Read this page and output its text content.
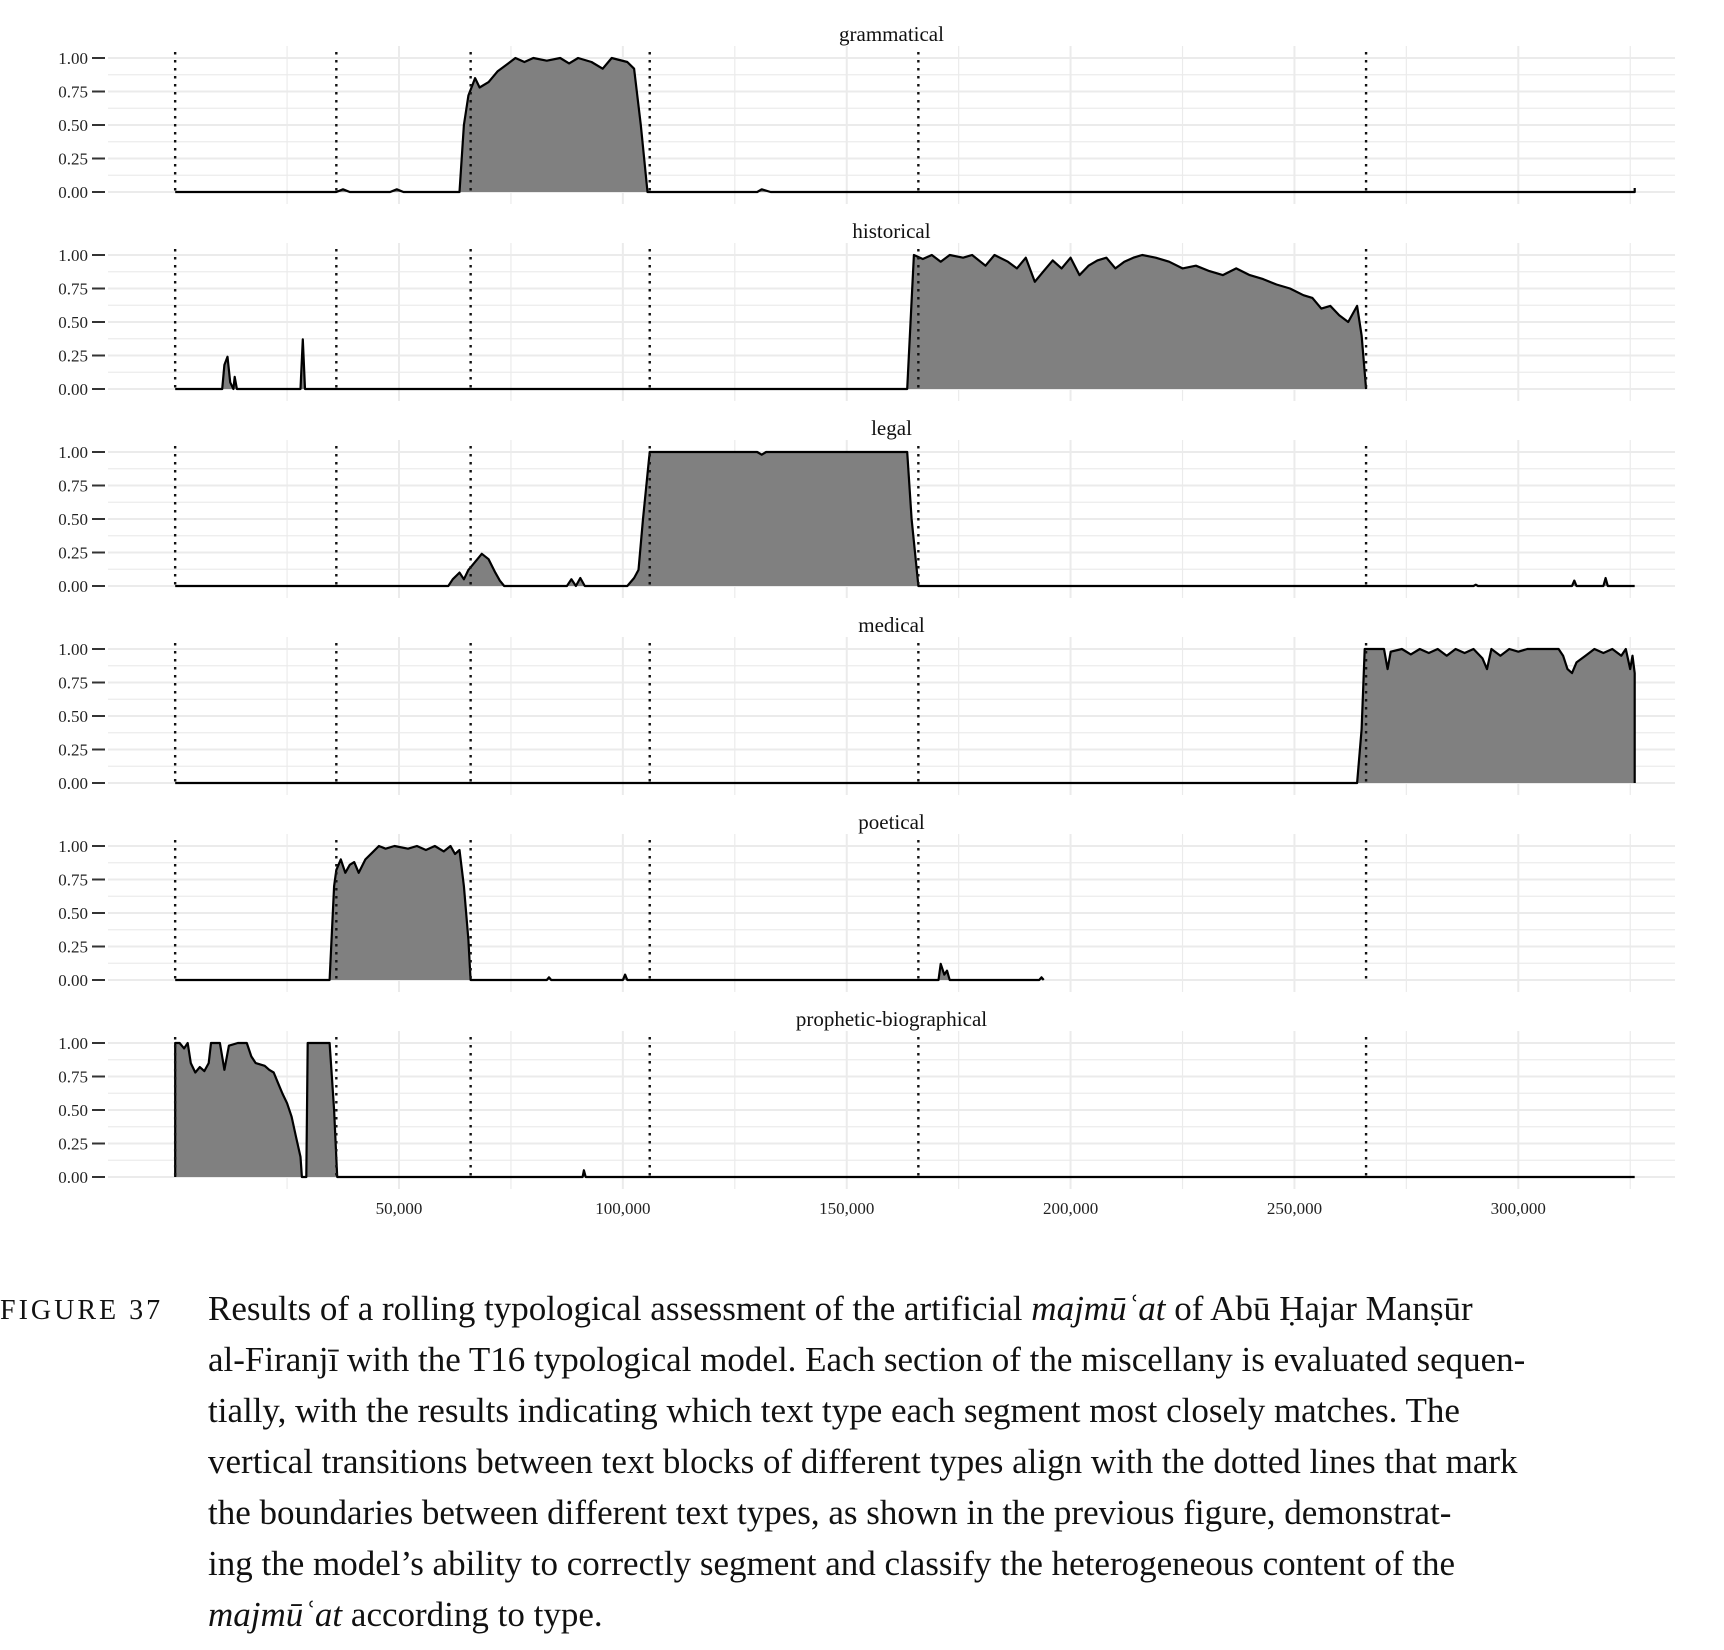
grammatical
0.00
0.25
0.50
0.75
1.00
historical
0.00
0.25
0.50
0.75
1.00
legal
0.00
0.25
0.50
0.75
1.00
medical
0.00
0.25
0.50
0.75
1.00
poetical
0.00
0.25
0.50
0.75
1.00
prophetic-biographical
0.00
0.25
0.50
0.75
1.00
50,000	100,000	150,000	200,000	250,000	300,000
FIGURE 37 Results of a rolling typological assessment of the artificial majmūʿat of Abū Ḥajar Manṣūr
al-Firanjī with the T16 typological model. Each section of the miscellany is evaluated sequen-
tially, with the results indicating which text type each segment most closely matches. The
vertical transitions between text blocks of different types align with the dotted lines that mark
the boundaries between different text types, as shown in the previous figure, demonstrat-
ing the model’s ability to correctly segment and classify the heterogeneous content of the
majmūʿat according to type.
